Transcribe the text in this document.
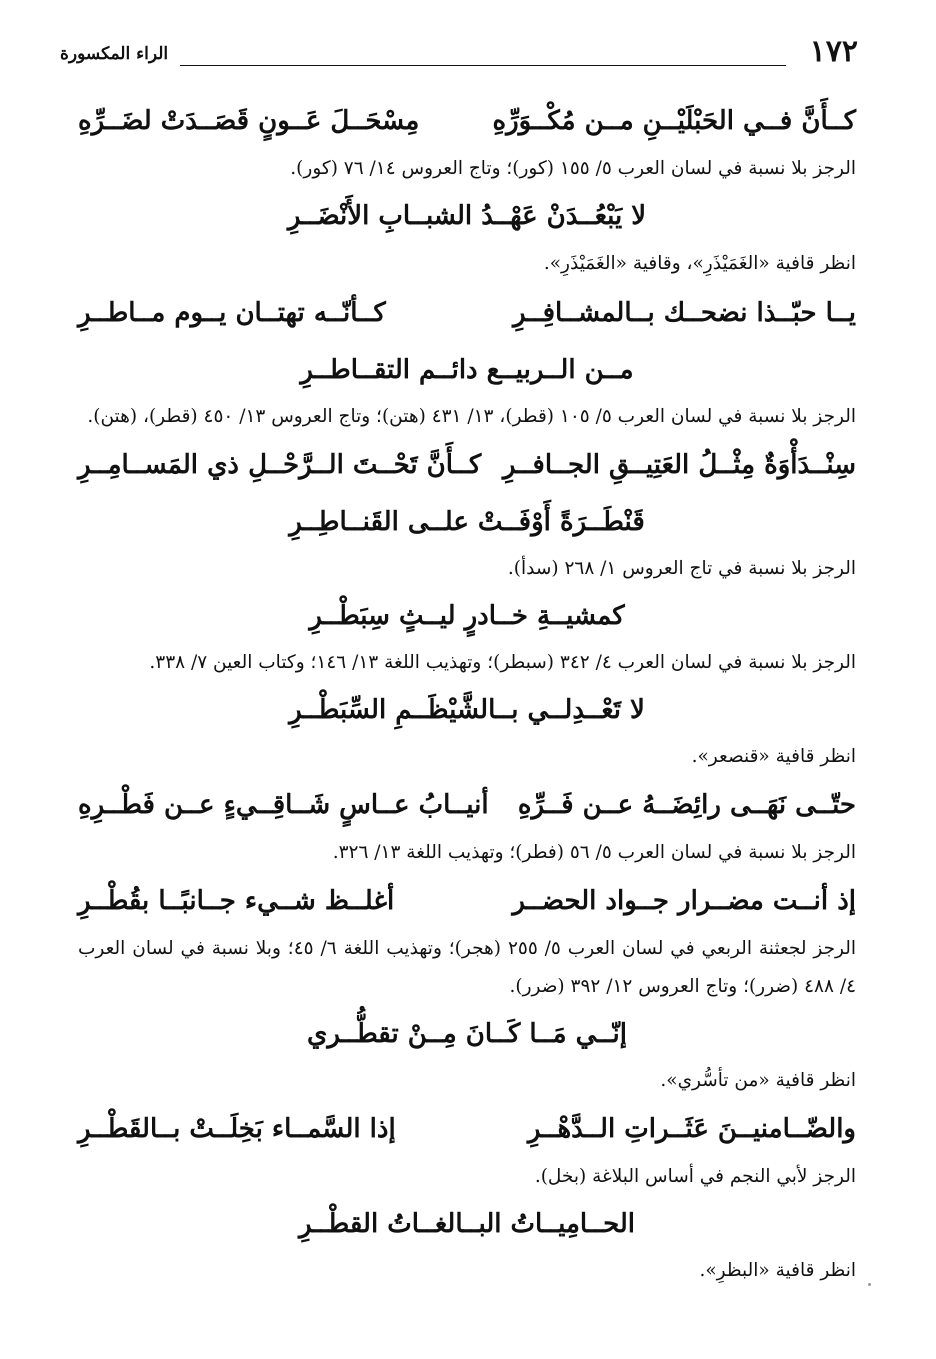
١٧٢
الراء المكسورة
كــأَنَّ فــي الحَبْلَيْــنِ مــن مُكْــوَرِّهِ
مِسْحَــلَ عَــونٍ قَصَــدَتْ لضَــرِّهِ

الرجز بلا نسبة في لسان العرب ٥/ ١٥٥ (كور)؛ وتاج العروس ١٤/ ٧٦ (كور).

لا يَبْعُــدَنْ عَهْــدُ الشبــابِ الأَنْضَــرِ

انظر قافية «الغَمَيْذَرِ»، وقافية «الغَمَيْذَرِ».

يــا حبّــذا نضحــك بــالمشــافِــرِ
كــأنّــه تهتــان يــوم مــاطــرِ
مــن الــربيــع دائــم التقــاطــرِ

الرجز بلا نسبة في لسان العرب ٥/ ١٠٥ (قطر)، ١٣/ ٤٣١ (هتن)؛ وتاج العروس ١٣/ ٤٥٠ (قطر)، (هتن).

سِنْــدَأْوَةٌ مِثْــلُ العَتِيــقِ الجــافــرِ
كــأَنَّ تَحْــتَ الــرَّحْــلِ ذي المَســامِــرِ
قَنْطَــرَةً أَوْفَــتْ علــى القَنــاطِــرِ

الرجز بلا نسبة في تاج العروس ١/ ٢٦٨ (سدأ).

كمشيــةِ خــادرٍ ليــثٍ سِبَطْــرِ

الرجز بلا نسبة في لسان العرب ٤/ ٣٤٢ (سبطر)؛ وتهذيب اللغة ١٣/ ١٤٦؛ وكتاب العين ٧/ ٣٣٨.

لا تَعْــدِلــي بــالشَّيْظَــمِ السِّبَطْــرِ

انظر قافية «قنصعر».

حتّــى نَهَــى رائِضَــهُ عــن فَــرِّهِ
أنيــابُ عــاسٍ شَــاقِــيءٍ عــن فَطْــرِهِ

الرجز بلا نسبة في لسان العرب ٥/ ٥٦ (فطر)؛ وتهذيب اللغة ١٣/ ٣٢٦.

إذ أنــت مضــرار جــواد الحضــر
أغلــظ شــيء جــانبًــا بقُطْــرِ

الرجز لجعثنة الربعي في لسان العرب ٥/ ٢٥٥ (هجر)؛ وتهذيب اللغة ٦/ ٤٥؛ وبلا نسبة في لسان العرب ٤/ ٤٨٨ (ضرر)؛ وتاج العروس ١٢/ ٣٩٢ (ضرر).

إنّــي مَــا كَــانَ مِــنْ تقطُّــري

انظر قافية «من تأسُّري».

والضّــامنيــنَ عَثَــراتِ الــدَّهْــرِ
إذا السَّمــاء بَخِلَــتْ بــالقَطْــرِ

الرجز لأبي النجم في أساس البلاغة (بخل).

الحــامِيــاتُ البــالغــاتُ القطْــرِ

انظر قافية «البظرِ».
